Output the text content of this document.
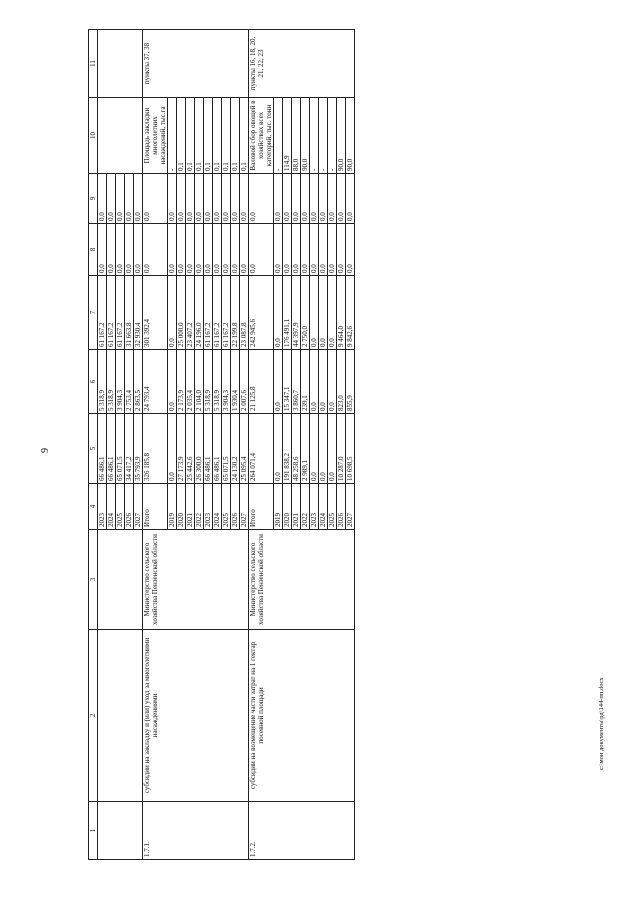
9
1	2	3	4	5	6	7	8	9	10	11
			2023	66 486,1	5 318,9	61 167,2	0,0	0,0		
			2024	66 486,1	5 318,9	61 167,2	0,0	0,0		
			2025	65 071,5	3 904,3	61 167,2	0,0	0,0		
			2026	34 417,2	2 753,4	31 663,8	0,0	0,0		
			2027	35 793,9	2 863,5	32 930,4	0,0	0,0		
1.7.1.	субсидии на закладку и (или) уход за многолетними насаждениями	Министерство сельского хозяйства Пензенской области	Итого	326 185,8	24 793,4	301 392,4	0,0	0,0	Площадь закладки многолетних насаждений, тыс.га	пункты 37, 38
			2019	0,0	0,0	0,0	0,0	0,0	-	
			2020	27 173,9	2 173,9	25 000,0	0,0	0,0	0,1	
			2021	25 442,6	2 035,4	23 407,2	0,0	0,0	0,1	
			2022	26 300,0	2 104,0	24 196,0	0,0	0,0	0,1	
			2023	66 486,1	5 318,9	61 167,2	0,0	0,0	0,1	
			2024	66 486,1	5 318,9	61 167,2	0,0	0,0	0,1	
			2025	65 071,5	3 904,3	61 167,2	0,0	0,0	0,1	
			2026	24 130,2	1 930,4	22 199,8	0,0	0,0	0,1	
			2027	25 095,4	2 007,6	23 087,8	0,0	0,0	0,1	
1.7.2.	субсидии на возмещение части затрат на 1 гектар посевной площади	Министерство сельского хозяйства Пензенской области	Итого	264 071,4	21 125,8	242 945,6	0,0	0,0	Валовой сбор овощей в хозяйствах всех категорий, тыс. тонн	пункты 16, 18, 20, 21, 22, 23
			2019	0,0	0,0	0,0	0,0	0,0	-	
			2020	191 838,2	15 347,1	176 491,1	0,0	0,0	114,9	
			2021	48 258,6	3 860,7	44 397,9	0,0	0,0	88,0	
			2022	2 989,1	239,1	2 750,0	0,0	0,0	90,0	
			2023	0,0	0,0	0,0	0,0	0,0	-	
			2024	0,0	0,0	0,0	0,0	0,0	-	
			2025	0,0	0,0	0,0	0,0	0,0	-	
			2026	10 287,0	823,0	9 464,0	0,0	0,0	90,0	
			2027	10 698,5	855,9	9 842,6	0,0	0,0	90,0	
c:\мои документы\рд\144-пп.docx
